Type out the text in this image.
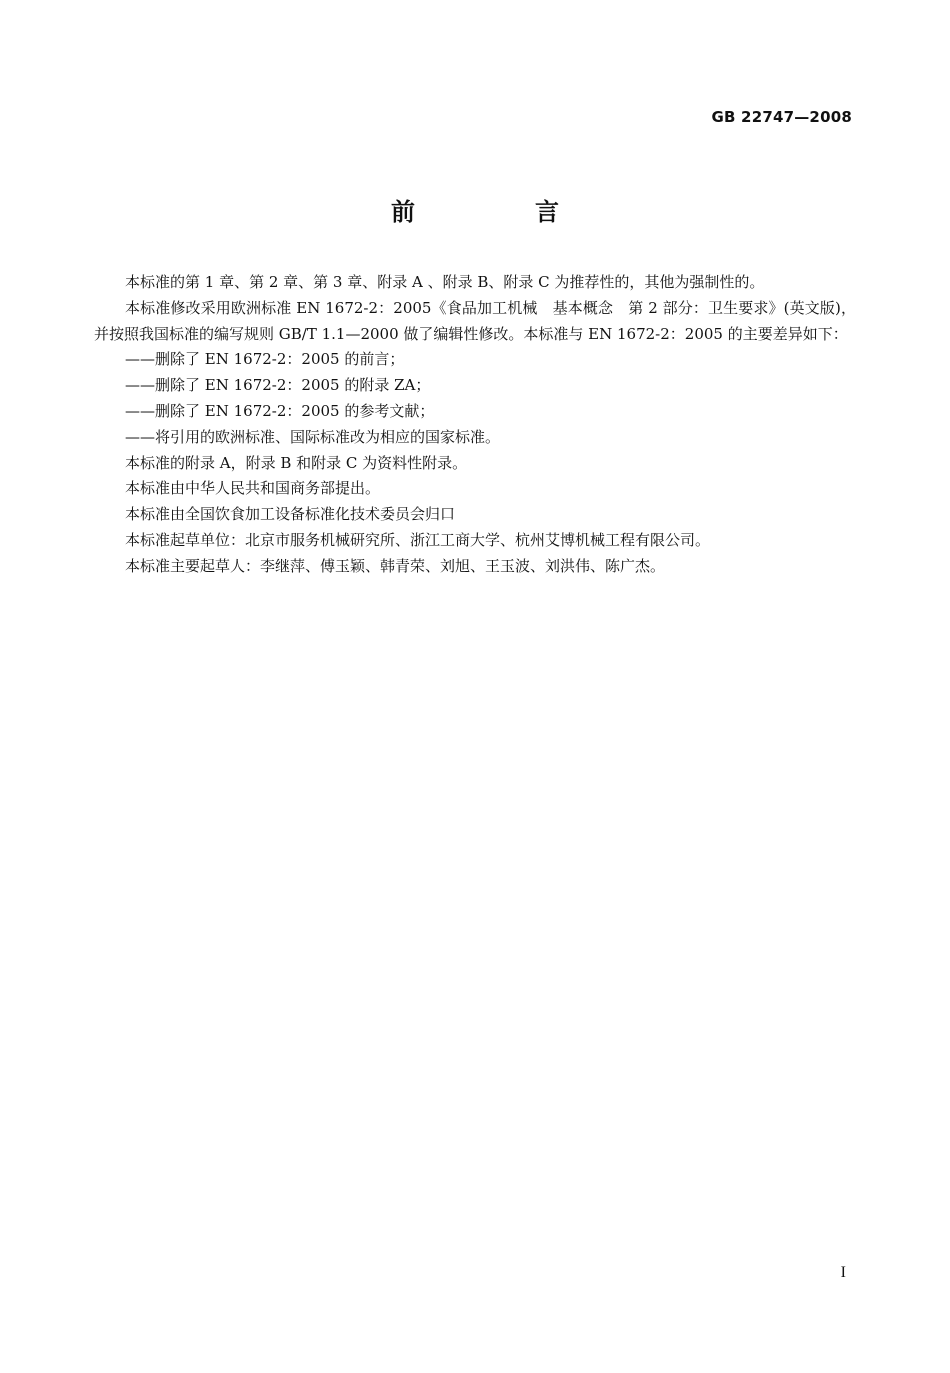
GB 22747—2008
前　言

本标准的第 1 章、第 2 章、第 3 章、附录 A 、附录 B、附录 C 为推荐性的，其他为强制性的。

本标准修改采用欧洲标准 EN 1672-2：2005《食品加工机械　基本概念　第 2 部分：卫生要求》(英文版)，并按照我国标准的编写规则 GB/T 1.1—2000 做了编辑性修改。本标准与 EN 1672-2：2005 的主要差异如下：

——删除了 EN 1672-2：2005 的前言；

——删除了 EN 1672-2：2005 的附录 ZA；

——删除了 EN 1672-2：2005 的参考文献；

——将引用的欧洲标准、国际标准改为相应的国家标准。

本标准的附录 A，附录 B 和附录 C 为资料性附录。

本标准由中华人民共和国商务部提出。

本标准由全国饮食加工设备标准化技术委员会归口

本标准起草单位：北京市服务机械研究所、浙江工商大学、杭州艾博机械工程有限公司。

本标准主要起草人：李继萍、傅玉颖、韩青荣、刘旭、王玉波、刘洪伟、陈广杰。

I
